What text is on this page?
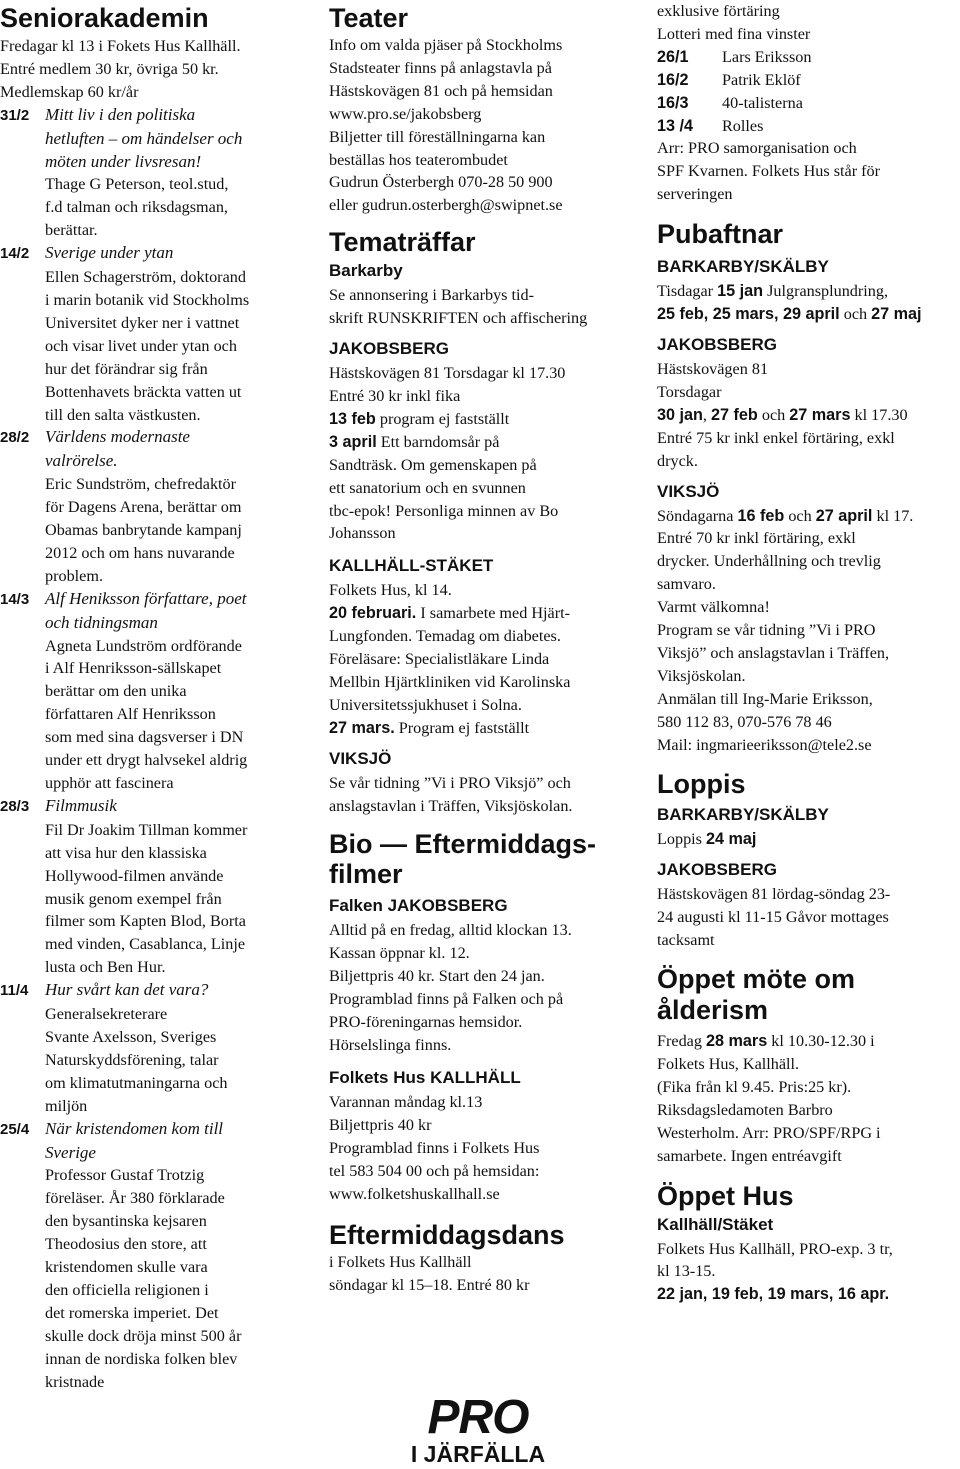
Seniorakademin
Fredagar kl 13 i Fokets Hus Kallhäll.
Entré medlem 30 kr, övriga 50 kr.
Medlemskap 60 kr/år
31/2 Mitt liv i den politiska
hetluften – om händelser och
möten under livsresan!
Thage G Peterson, teol.stud,
f.d talman och riksdagsman,
berättar.
14/2 Sverige under ytan
Ellen Schagerström, doktorand
i marin botanik vid Stockholms
Universitet dyker ner i vattnet
och visar livet under ytan och
hur det förändrar sig från
Bottenhavets bräckta vatten ut
till den salta västkusten.
28/2 Världens modernaste
valrörelse.
Eric Sundström, chefredaktör
för Dagens Arena, berättar om
Obamas banbrytande kampanj
2012 och om hans nuvarande
problem.
14/3 Alf Heniksson författare, poet
och tidningsman
Agneta Lundström ordförande
i Alf Henriksson-sällskapet
berättar om den unika
författaren Alf Henriksson
som med sina dagsverser i DN
under ett drygt halvsekel aldrig
upphör att fascinera
28/3 Filmmusik
Fil Dr Joakim Tillman kommer
att visa hur den klassiska
Hollywood-filmen använde
musik genom exempel från
filmer som Kapten Blod, Borta
med vinden, Casablanca, Linje
lusta och Ben Hur.
11/4 Hur svårt kan det vara?
Generalsekreterare
Svante Axelsson, Sveriges
Naturskyddsförening, talar
om klimatutmaningarna och
miljön
25/4 När kristendomen kom till
Sverige
Professor Gustaf Trotzig
föreläser. År 380 förklarade
den bysantinska kejsaren
Theodosius den store, att
kristendomen skulle vara
den officiella religionen i
det romerska imperiet. Det
skulle dock dröja minst 500 år
innan de nordiska folken blev
kristnade
Teater
Info om valda pjäser på Stockholms
Stadsteater finns på anlagstavla på
Hästskovägen 81 och på hemsidan
www.pro.se/jakobsberg
Biljetter till föreställningarna kan
beställas hos teaterombudet
Gudrun Österbergh 070-28 50 900
eller gudrun.osterbergh@swipnet.se
Tematräffar
Barkarby
Se annonsering i Barkarbys tid-
skrift RUNSKRIFTEN och affischering
JAKOBSBERG
Hästskovägen 81 Torsdagar kl 17.30
Entré 30 kr inkl fika
13 feb program ej fastställt
3 april Ett barndomsår på
Sandträsk. Om gemenskapen på
ett sanatorium och en svunnen
tbc-epok! Personliga minnen av Bo
Johansson
KALLHÄLL-STÄKET
Folkets Hus, kl 14.
20 februari. I samarbete med Hjärt-
Lungfonden. Temadag om diabetes.
Föreläsare: Specialistläkare Linda
Mellbin Hjärtkliniken vid Karolinska
Universitetssjukhuset i Solna.
27 mars. Program ej fastställt
VIKSJÖ
Se vår tidning ”Vi i PRO Viksjö” och
anslagstavlan i Träffen, Viksjöskolan.
Bio — Eftermiddags-
filmer
Falken JAKOBSBERG
Alltid på en fredag, alltid klockan 13.
Kassan öppnar kl. 12.
Biljettpris 40 kr. Start den 24 jan.
Programblad finns på Falken och på
PRO-föreningarnas hemsidor.
Hörselslinga finns.
Folkets Hus KALLHÄLL
Varannan måndag kl.13
Biljettpris 40 kr
Programblad finns i Folkets Hus
tel 583 504 00 och på hemsidan:
www.folketshuskallhall.se
Eftermiddagsdans
i Folkets Hus Kallhäll
söndagar kl 15–18. Entré 80 kr
PRO
I JÄRFÄLLA
exklusive förtäring
Lotteri med fina vinster
26/1 Lars Eriksson
16/2 Patrik Eklöf
16/3 40-talisterna
13 /4 Rolles
Arr: PRO samorganisation och
SPF Kvarnen. Folkets Hus står för
serveringen
Pubaftnar
BARKARBY/SKÄLBY
Tisdagar 15 jan Julgransplundring,
25 feb, 25 mars, 29 april och 27 maj
JAKOBSBERG
Hästskovägen 81
Torsdagar
30 jan, 27 feb och 27 mars kl 17.30
Entré 75 kr inkl enkel förtäring, exkl
dryck.
VIKSJÖ
Söndagarna 16 feb och 27 april kl 17.
Entré 70 kr inkl förtäring, exkl
drycker. Underhållning och trevlig
samvaro.
Varmt välkomna!
Program se vår tidning ”Vi i PRO
Viksjö” och anslagstavlan i Träffen,
Viksjöskolan.
Anmälan till Ing-Marie Eriksson,
580 112 83, 070-576 78 46
Mail: ingmarieeriksson@tele2.se
Loppis
BARKARBY/SKÄLBY
Loppis 24 maj
JAKOBSBERG
Hästskovägen 81 lördag-söndag 23-
24 augusti kl 11-15 Gåvor mottages
tacksamt
Öppet möte om
ålderism
Fredag 28 mars kl 10.30-12.30 i
Folkets Hus, Kallhäll.
(Fika från kl 9.45. Pris:25 kr).
Riksdagsledamoten Barbro
Westerholm. Arr: PRO/SPF/RPG i
samarbete. Ingen entréavgift
Öppet Hus
Kallhäll/Stäket
Folkets Hus Kallhäll, PRO-exp. 3 tr,
kl 13-15.
22 jan, 19 feb, 19 mars, 16 apr.
